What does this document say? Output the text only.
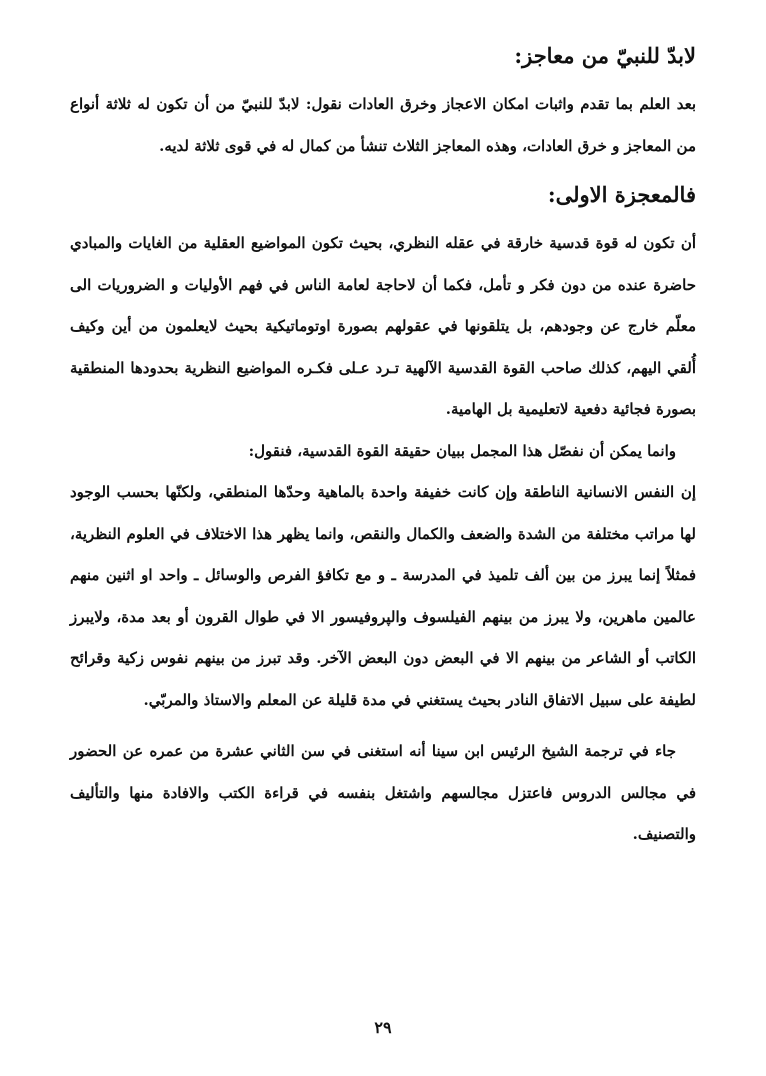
لابدّ للنبيّ من معاجز:

بعد العلم بما تقدم واثبات امكان الاعجاز وخرق العادات نقول: لابدّ للنبيّ من أن تكون له ثلاثة أنواع من المعاجز و خرق العادات، وهذه المعاجز الثلاث تنشأ من كمال له في قوى ثلاثة لديه.

فالمعجزة الاولى:

أن تكون له قوة قدسية خارقة في عقله النظري، بحيث تكون المواضيع العقلية من الغايات والمبادي حاضرة عنده من دون فكر و تأمل، فكما أن لاحاجة لعامة الناس في فهم الأوليات و الضروريات الى معلّم خارج عن وجودهم، بل يتلقونها في عقولهم بصورة اوتوماتيكية بحيث لايعلمون من أين وكيف أُلقي اليهم، كذلك صاحب القوة القدسية الآلهية تـرد عـلى فكـره المواضيع النظرية بحدودها المنطقية بصورة فجائية دفعية لاتعليمية بل الهامية.

وانما يمكن أن نفصّل هذا المجمل ببيان حقيقة القوة القدسية، فنقول:

إن النفس الانسانية الناطقة وإن كانت خفيفة واحدة بالماهية وحدّها المنطقي، ولكنّها بحسب الوجود لها مراتب مختلفة من الشدة والضعف والكمال والنقص، وانما يظهر هذا الاختلاف في العلوم النظرية، فمثلاً إنما يبرز من بين ألف تلميذ في المدرسة ـ و مع تكافؤ الفرص والوسائل ـ واحد او اثنين منهم عالمين ماهرين، ولا يبرز من بينهم الفيلسوف والپروفيسور الا في طوال القرون أو بعد مدة، ولايبرز الكاتب أو الشاعر من بينهم الا في البعض دون البعض الآخر. وقد تبرز من بينهم نفوس زكية وقرائح لطيفة على سبيل الاتفاق النادر بحيث يستغني في مدة قليلة عن المعلم والاستاذ والمربّي.

جاء في ترجمة الشيخ الرئيس ابن سينا أنه استغنى في سن الثاني عشرة من عمره عن الحضور في مجالس الدروس فاعتزل مجالسهم واشتغل بنفسه في قراءة الكتب والافادة منها والتأليف والتصنيف.

٢٩
